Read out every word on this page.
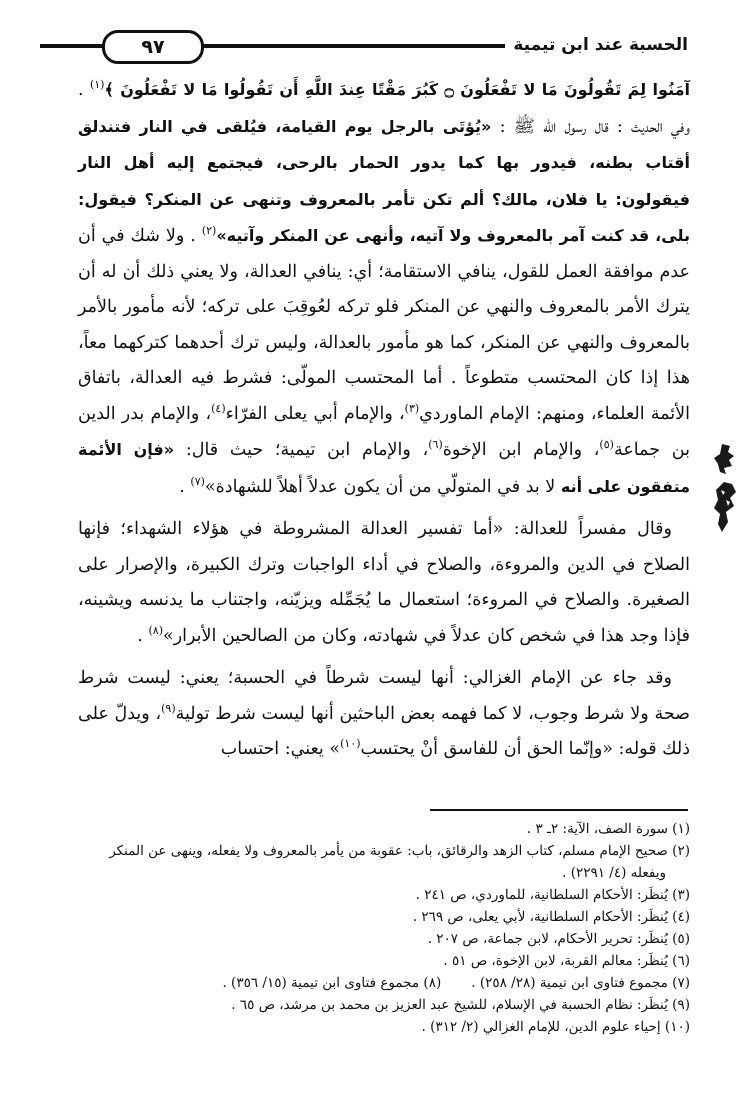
الحسبة عند ابن تيمية
٩٧

آمَنُوا لِمَ تَقُولُونَ مَا لا تَفْعَلُونَ ۝ كَبُرَ مَقْتًا عِندَ اللَّهِ أَن تَقُولُوا مَا لا تَفْعَلُونَ ﴾$^{(١)}$ . وفي الحديث : قال رسول الله ﷺ : «يُؤتَى بالرجل يوم القيامة، فيُلقى في النار فتندلق أقتاب بطنه، فيدور بها كما يدور الحمار بالرحى، فيجتمع إليه أهل النار فيقولون: يا فلان، مالك؟ ألم تكن تأمر بالمعروف وتنهى عن المنكر؟ فيقول: بلى، قد كنت آمر بالمعروف ولا آتيه، وأنهى عن المنكر وآتيه»$^{(٢)}$ . ولا شك في أن عدم موافقة العمل للقول، ينافي الاستقامة؛ أي: ينافي العدالة، ولا يعني ذلك أن له أن يترك الأمر بالمعروف والنهي عن المنكر فلو تركه لعُوقِبَ على تركه؛ لأنه مأمور بالأمر بالمعروف والنهي عن المنكر، كما هو مأمور بالعدالة، وليس ترك أحدهما كتركهما معاً، هذا إذا كان المحتسب متطوعاً . أما المحتسب المولّى: فشرط فيه العدالة، باتفاق الأئمة العلماء، ومنهم: الإمام الماوردي$^{(٣)}$، والإمام أبي يعلى الفرّاء$^{(٤)}$، والإمام بدر الدين بن جماعة$^{(٥)}$، والإمام ابن الإخوة$^{(٦)}$، والإمام ابن تيمية؛ حيث قال: «فإن الأئمة متفقون على أنه لا بد في المتولّي من أن يكون عدلاً أهلاً للشهادة»$^{(٧)}$ .

وقال مفسراً للعدالة: «أما تفسير العدالة المشروطة في هؤلاء الشهداء؛ فإنها الصلاح في الدين والمروءة، والصلاح في أداء الواجبات وترك الكبيرة، والإصرار على الصغيرة. والصلاح في المروءة؛ استعمال ما يُجَمِّله ويزيّنه، واجتناب ما يدنسه ويشينه، فإذا وجد هذا في شخص كان عدلاً في شهادته، وكان من الصالحين الأبرار»$^{(٨)}$ .

وقد جاء عن الإمام الغزالي: أنها ليست شرطاً في الحسبة؛ يعني: ليست شرط صحة ولا شرط وجوب، لا كما فهمه بعض الباحثين أنها ليست شرط تولية$^{(٩)}$، ويدلّ على ذلك قوله: «وإنّما الحق أن للفاسق أنْ يحتسب$^{(١٠)}$» يعني: احتساب

(١) سورة الصف، الآية: ٢ـ ٣ .

(٢) صحيح الإمام مسلم، كتاب الزهد والرقائق، باب: عقوبة من يأمر بالمعروف ولا يفعله، وينهى عن المنكر ويفعله (٤/ ٢٢٩١) .

(٣) يُنظَر: الأحكام السلطانية، للماوردي، ص ٢٤١ .

(٤) يُنظَر: الأحكام السلطانية، لأبي يعلى، ص ٢٦٩ .

(٥) يُنظَر: تحرير الأحكام، لابن جماعة، ص ٢٠٧ .

(٦) يُنظَر: معالم القربة، لابن الإخوة، ص ٥١ .

(٧) مجموع فتاوى ابن تيمية (٢٨/ ٢٥٨) .

(٨) مجموع فتاوى ابن تيمية (١٥/ ٣٥٦) .

(٩) يُنظَر: نظام الحسبة في الإسلام، للشيخ عبد العزيز بن محمد بن مرشد، ص ٦٥ .

(١٠) إحياء علوم الدين، للإمام الغزالي (٢/ ٣١٢) .
